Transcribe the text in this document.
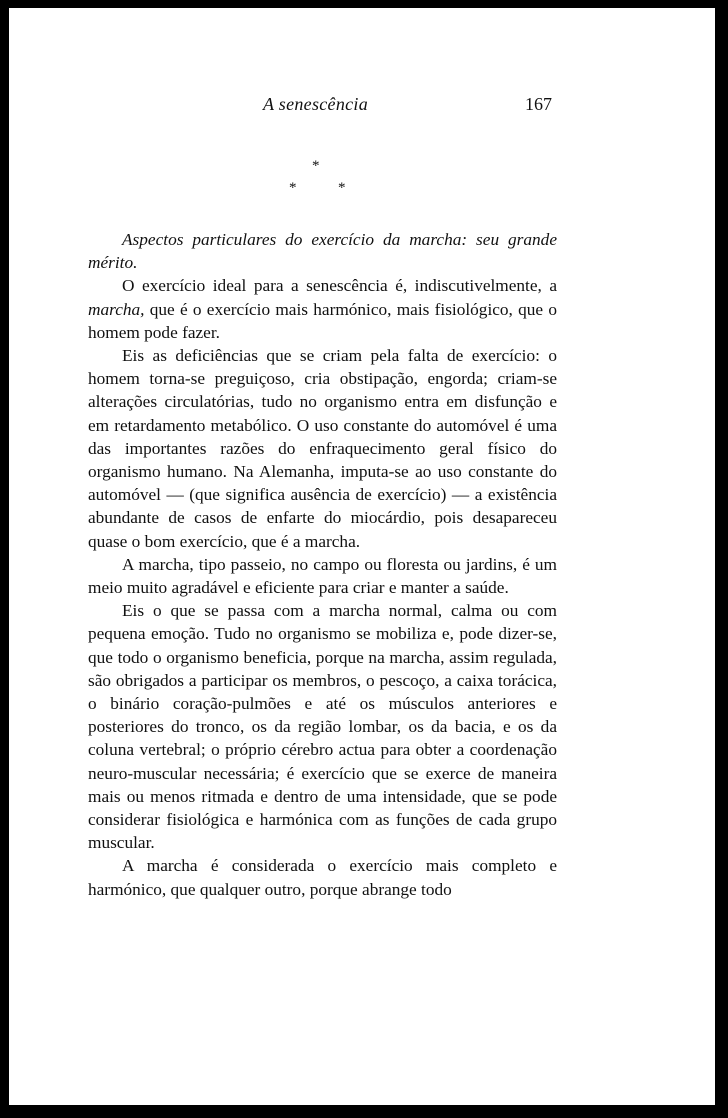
A senescência	167
*
*	*

Aspectos particulares do exercício da marcha: seu grande mérito.

O exercício ideal para a senescência é, indiscutivelmente, a marcha, que é o exercício mais harmónico, mais fisiológico, que o homem pode fazer.

Eis as deficiências que se criam pela falta de exercício: o homem torna-se preguiçoso, cria obstipação, engorda; criam-se alterações circulatórias, tudo no organismo entra em disfunção e em retardamento metabólico. O uso constante do automóvel é uma das importantes razões do enfraquecimento geral físico do organismo humano. Na Alemanha, imputa-se ao uso constante do automóvel — (que significa ausência de exercício) — a existência abundante de casos de enfarte do miocárdio, pois desapareceu quase o bom exercício, que é a marcha.

A marcha, tipo passeio, no campo ou floresta ou jardins, é um meio muito agradável e eficiente para criar e manter a saúde.

Eis o que se passa com a marcha normal, calma ou com pequena emoção. Tudo no organismo se mobiliza e, pode dizer-se, que todo o organismo beneficia, porque na marcha, assim regulada, são obrigados a participar os membros, o pescoço, a caixa torácica, o binário coração-pulmões e até os músculos anteriores e posteriores do tronco, os da região lombar, os da bacia, e os da coluna vertebral; o próprio cérebro actua para obter a coordenação neuro-muscular necessária; é exercício que se exerce de maneira mais ou menos ritmada e dentro de uma intensidade, que se pode considerar fisiológica e harmónica com as funções de cada grupo muscular.

A marcha é considerada o exercício mais completo e harmónico, que qualquer outro, porque abrange todo
